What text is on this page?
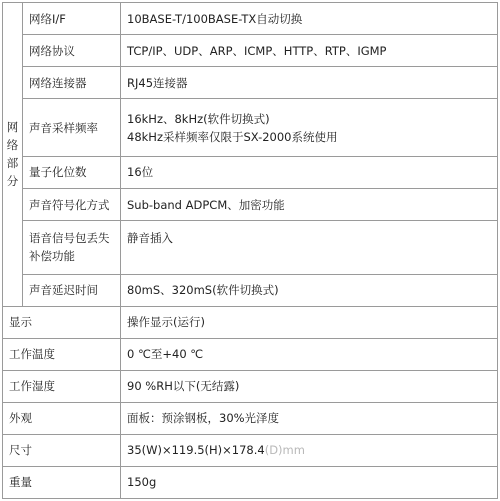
网
络
部
分	网络I/F	10BASE-T/100BASE-TX自动切换

	网络协议	TCP/IP、UDP、ARP、ICMP、HTTP、RTP、IGMP

	网络连接器	RJ45连接器

	声音采样频率	16kHz、8kHz(软件切换式)
48kHz采样频率仅限于SX-2000系统使用

	量子化位数	16位

	声音符号化方式	Sub-band ADPCM、加密功能

	语音信号包丢失
补偿功能	静音插入

	声音延迟时间	80mS、320mS(软件切换式)

显示		操作显示(运行)
工作温度		0 ℃至+40 ℃
工作湿度		90 %RH以下(无结露)
外观		面板：预涂钢板，30%光泽度
尺寸		35(W)×119.5(H)×178.4(D)mm
重量		150g
